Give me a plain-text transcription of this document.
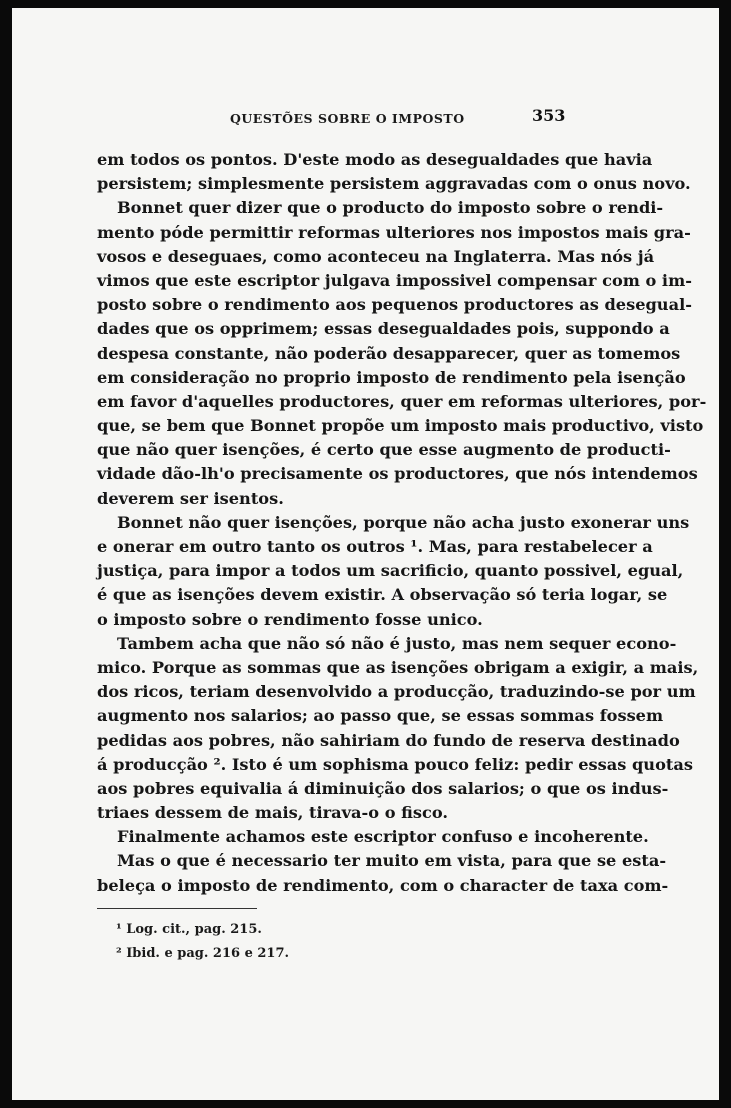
QUESTÕES SOBRE O IMPOSTO	353
em todos os pontos. D'este modo as desegualdades que havia
persistem; simplesmente persistem aggravadas com o onus novo.
Bonnet quer dizer que o producto do imposto sobre o rendi-
mento póde permittir reformas ulteriores nos impostos mais gra-
vosos e deseguaes, como aconteceu na Inglaterra. Mas nós já
vimos que este escriptor julgava impossivel compensar com o im-
posto sobre o rendimento aos pequenos productores as desegual-
dades que os opprimem; essas desegualdades pois, suppondo a
despesa constante, não poderão desapparecer, quer as tomemos
em consideração no proprio imposto de rendimento pela isenção
em favor d'aquelles productores, quer em reformas ulteriores, por-
que, se bem que Bonnet propõe um imposto mais productivo, visto
que não quer isenções, é certo que esse augmento de producti-
vidade dão-lh'o precisamente os productores, que nós intendemos
deverem ser isentos.
Bonnet não quer isenções, porque não acha justo exonerar uns
e onerar em outro tanto os outros ¹. Mas, para restabelecer a
justiça, para impor a todos um sacrificio, quanto possivel, egual,
é que as isenções devem existir. A observação só teria logar, se
o imposto sobre o rendimento fosse unico.
Tambem acha que não só não é justo, mas nem sequer econo-
mico. Porque as sommas que as isenções obrigam a exigir, a mais,
dos ricos, teriam desenvolvido a producção, traduzindo-se por um
augmento nos salarios; ao passo que, se essas sommas fossem
pedidas aos pobres, não sahiriam do fundo de reserva destinado
á producção ². Isto é um sophisma pouco feliz: pedir essas quotas
aos pobres equivalia á diminuição dos salarios; o que os indus-
triaes dessem de mais, tirava-o o fisco.
Finalmente achamos este escriptor confuso e incoherente.
Mas o que é necessario ter muito em vista, para que se esta-
beleça o imposto de rendimento, com o character de taxa com-
¹ Log. cit., pag. 215.
² Ibid. e pag. 216 e 217.
